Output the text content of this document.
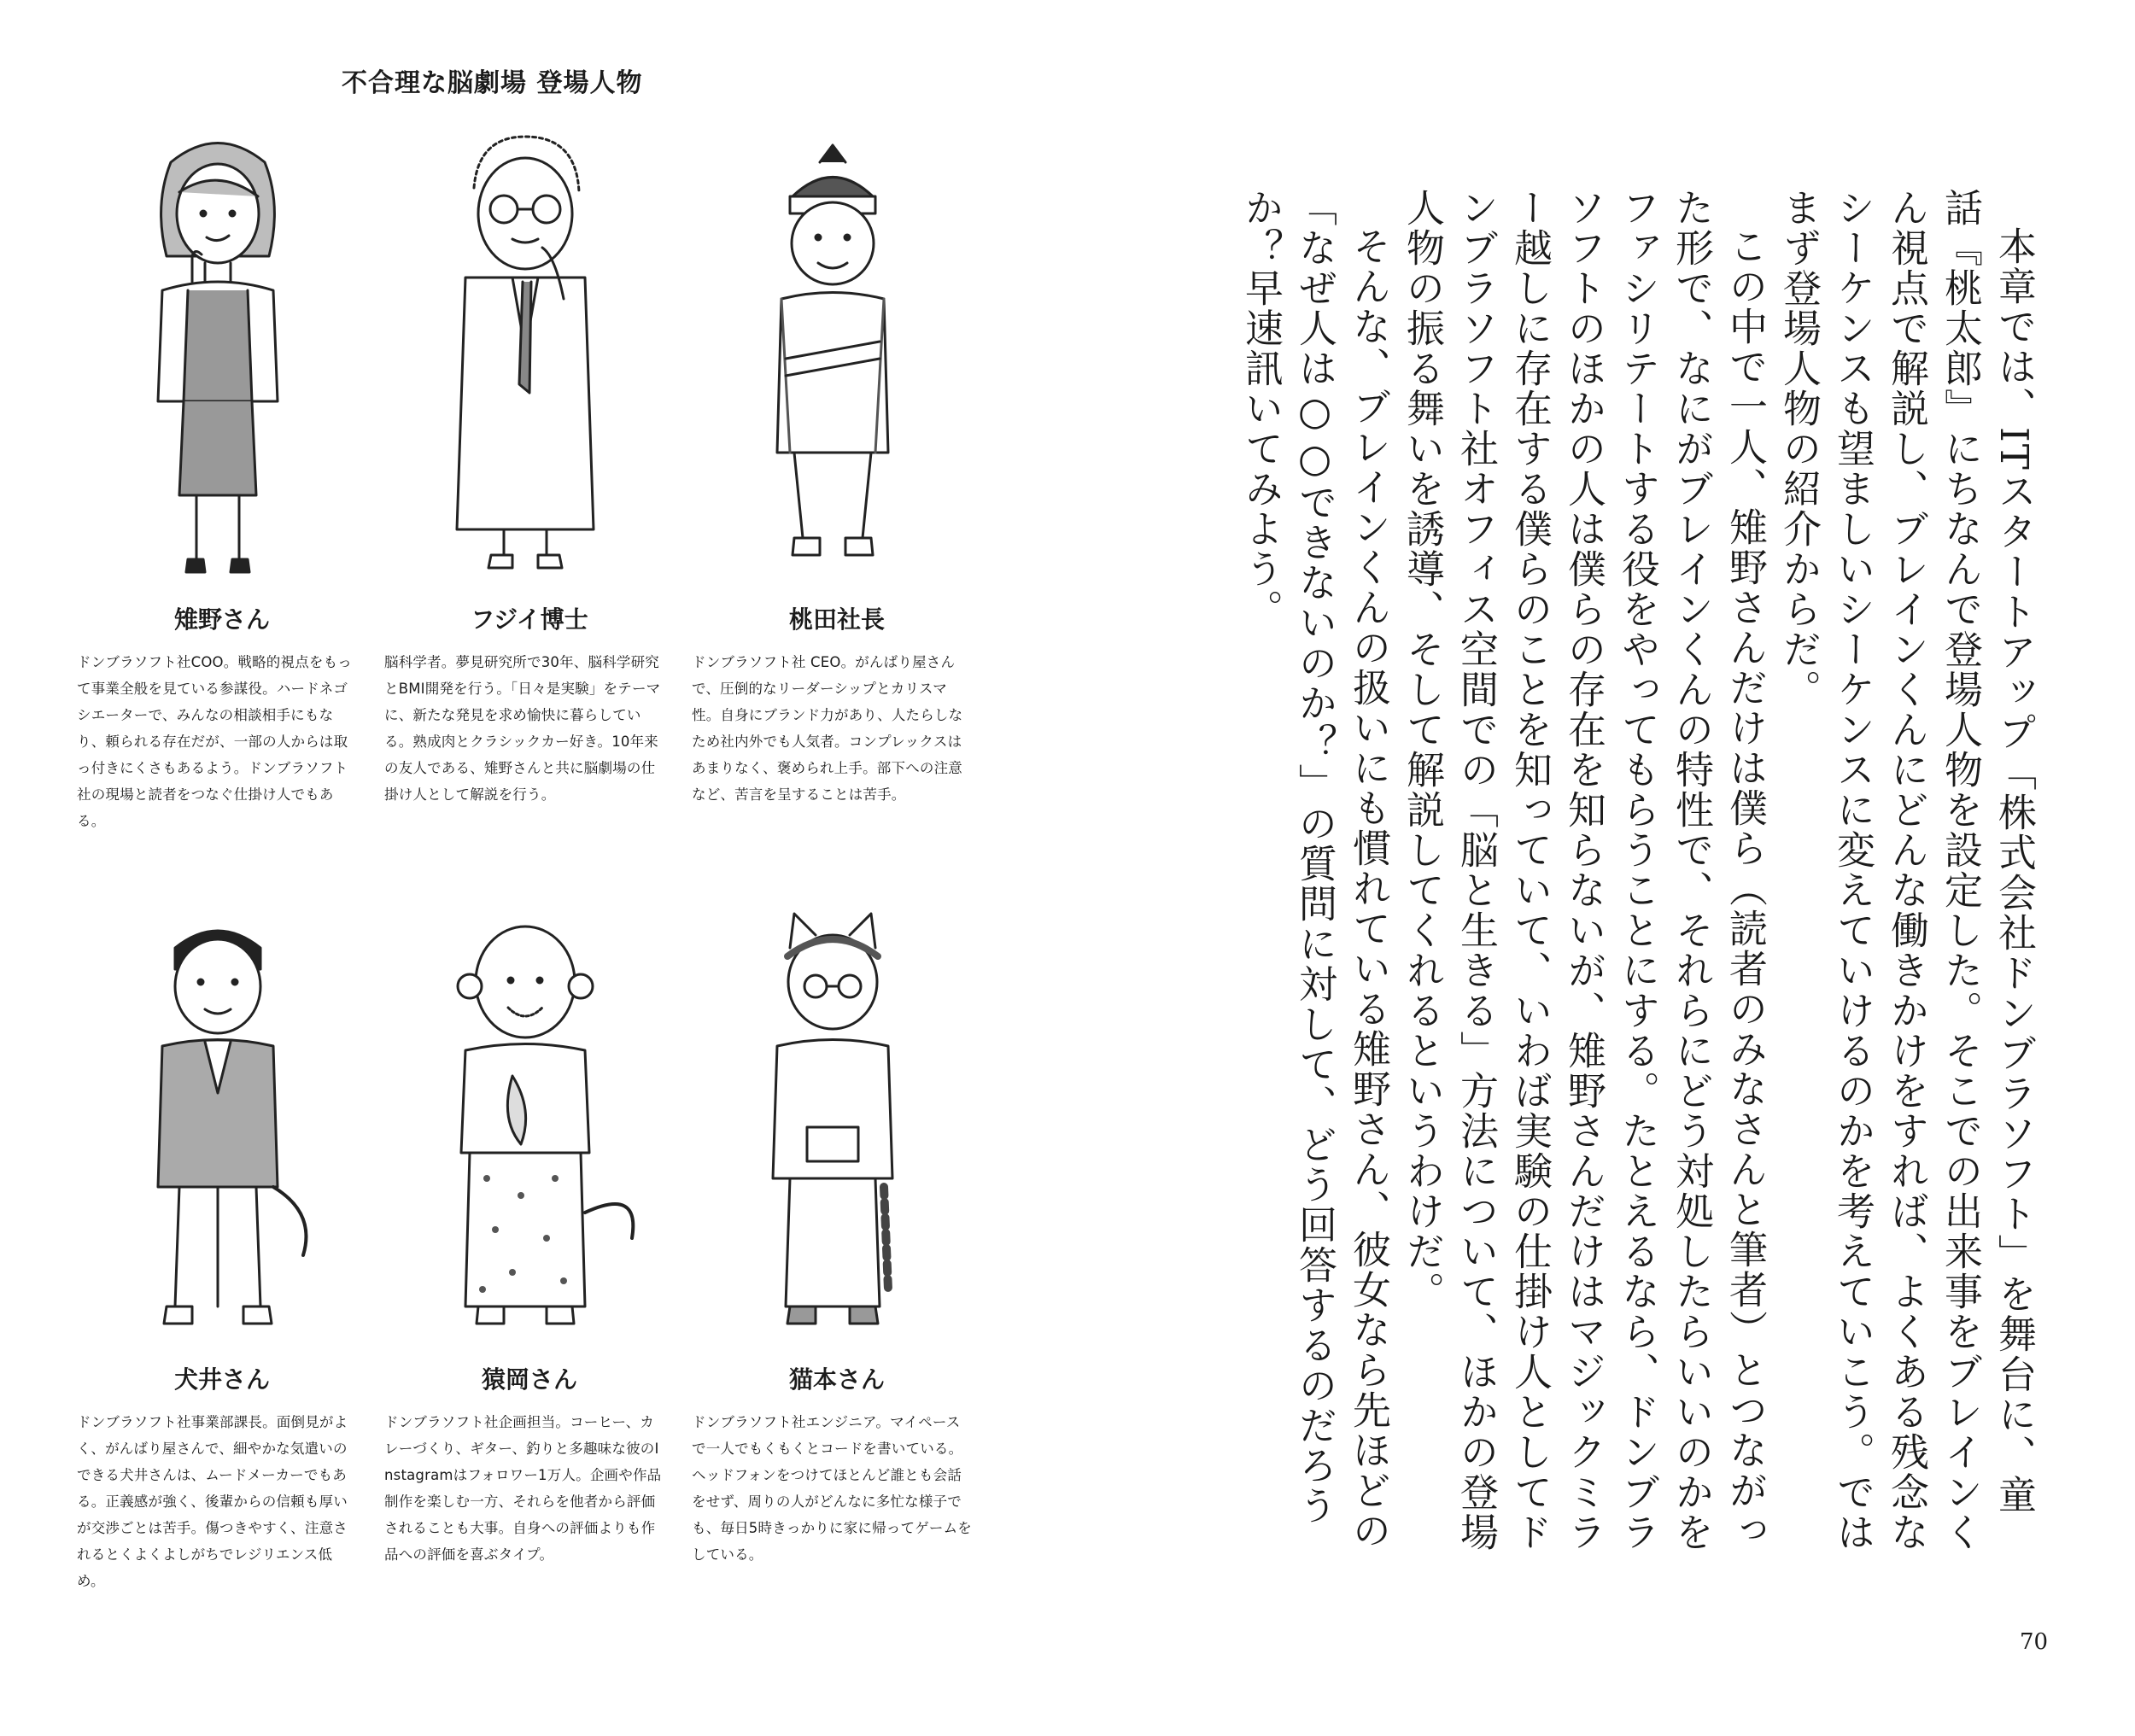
不合理な脳劇場 登場人物
雉野さん
ドンブラソフト社COO。戦略的視点をもって事業全般を見ている参謀役。ハードネゴシエーターで、みんなの相談相手にもなり、頼られる存在だが、一部の人からは取っ付きにくさもあるよう。ドンブラソフト社の現場と読者をつなぐ仕掛け人でもある。
フジイ博士
脳科学者。夢見研究所で30年、脳科学研究とBMI開発を行う。「日々是実験」をテーマに、新たな発見を求め愉快に暮らしている。熟成肉とクラシックカー好き。10年来の友人である、雉野さんと共に脳劇場の仕掛け人として解説を行う。
桃田社長
ドンブラソフト社 CEO。がんばり屋さんで、圧倒的なリーダーシップとカリスマ性。自身にブランド力があり、人たらしなため社内外でも人気者。コンプレックスはあまりなく、褒められ上手。部下への注意など、苦言を呈することは苦手。
犬井さん
ドンブラソフト社事業部課長。面倒見がよく、がんばり屋さんで、細やかな気遣いのできる犬井さんは、ムードメーカーでもある。正義感が強く、後輩からの信頼も厚いが交渉ごとは苦手。傷つきやすく、注意されるとくよくよしがちでレジリエンス低め。
猿岡さん
ドンブラソフト社企画担当。コーヒー、カレーづくり、ギター、釣りと多趣味な彼のInstagramはフォロワー1万人。企画や作品制作を楽しむ一方、それらを他者から評価されることも大事。自身への評価よりも作品への評価を喜ぶタイプ。
猫本さん
ドンブラソフト社エンジニア。マイペースで一人でもくもくとコードを書いている。ヘッドフォンをつけてほとんど誰とも会話をせず、周りの人がどんなに多忙な様子でも、毎日5時きっかりに家に帰ってゲームをしている。

本章では、ITスタートアップ「株式会社ドンブラソフト」を舞台に、童話『桃太郎』にちなんで登場人物を設定した。そこでの出来事をブレインくん視点で解説し、ブレインくんにどんな働きかけをすれば、よくある残念なシーケンスも望ましいシーケンスに変えていけるのかを考えていこう。ではまず登場人物の紹介からだ。

この中で一人、雉野さんだけは僕ら（読者のみなさんと筆者）とつながった形で、なにがブレインくんの特性で、それらにどう対処したらいいのかをファシリテートする役をやってもらうことにする。たとえるなら、ドンブラソフトのほかの人は僕らの存在を知らないが、雉野さんだけはマジックミラー越しに存在する僕らのことを知っていて、いわば実験の仕掛け人としてドンブラソフト社オフィス空間での「脳と生きる」方法について、ほかの登場人物の振る舞いを誘導、そして解説してくれるというわけだ。

そんな、ブレインくんの扱いにも慣れている雉野さん、彼女なら先ほどの「なぜ人は○○できないのか？」の質問に対して、どう回答するのだろうか？早速訊いてみよう。

70
